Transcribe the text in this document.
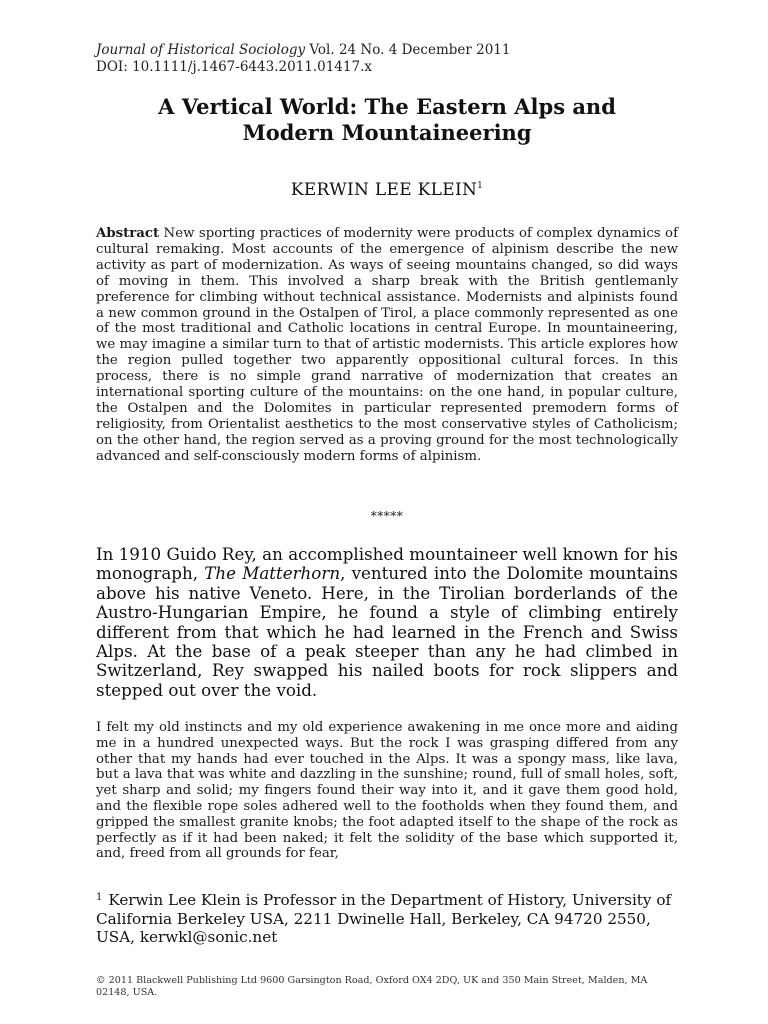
Journal of Historical Sociology Vol. 24 No. 4 December 2011
DOI: 10.1111/j.1467-6443.2011.01417.x
A Vertical World: The Eastern Alps and
Modern Mountaineering
KERWIN LEE KLEIN$^1$
Abstract New sporting practices of modernity were products of complex dynamics of cultural remaking. Most accounts of the emergence of alpinism describe the new activity as part of modernization. As ways of seeing mountains changed, so did ways of moving in them. This involved a sharp break with the British gentlemanly preference for climbing without technical assistance. Modernists and alpinists found a new common ground in the Ostalpen of Tirol, a place commonly represented as one of the most traditional and Catholic locations in central Europe. In mountaineering, we may imagine a similar turn to that of artistic modernists. This article explores how the region pulled together two apparently oppositional cultural forces. In this process, there is no simple grand narrative of modernization that creates an international sporting culture of the mountains: on the one hand, in popular culture, the Ostalpen and the Dolomites in particular represented premodern forms of religiosity, from Orientalist aesthetics to the most conservative styles of Catholicism; on the other hand, the region served as a proving ground for the most technologically advanced and self-consciously modern forms of alpinism.
*****
In 1910 Guido Rey, an accomplished mountaineer well known for his monograph, The Matterhorn, ventured into the Dolomite mountains above his native Veneto. Here, in the Tirolian borderlands of the Austro-Hungarian Empire, he found a style of climbing entirely different from that which he had learned in the French and Swiss Alps. At the base of a peak steeper than any he had climbed in Switzerland, Rey swapped his nailed boots for rock slippers and stepped out over the void.
I felt my old instincts and my old experience awakening in me once more and aiding me in a hundred unexpected ways. But the rock I was grasping differed from any other that my hands had ever touched in the Alps. It was a spongy mass, like lava, but a lava that was white and dazzling in the sunshine; round, full of small holes, soft, yet sharp and solid; my fingers found their way into it, and it gave them good hold, and the flexible rope soles adhered well to the footholds when they found them, and gripped the smallest granite knobs; the foot adapted itself to the shape of the rock as perfectly as if it had been naked; it felt the solidity of the base which supported it, and, freed from all grounds for fear,
$^1$ Kerwin Lee Klein is Professor in the Department of History, University of California Berkeley USA, 2211 Dwinelle Hall, Berkeley, CA 94720 2550, USA, kerwkl@sonic.net
© 2011 Blackwell Publishing Ltd 9600 Garsington Road, Oxford OX4 2DQ, UK and 350 Main Street, Malden, MA 02148, USA.
